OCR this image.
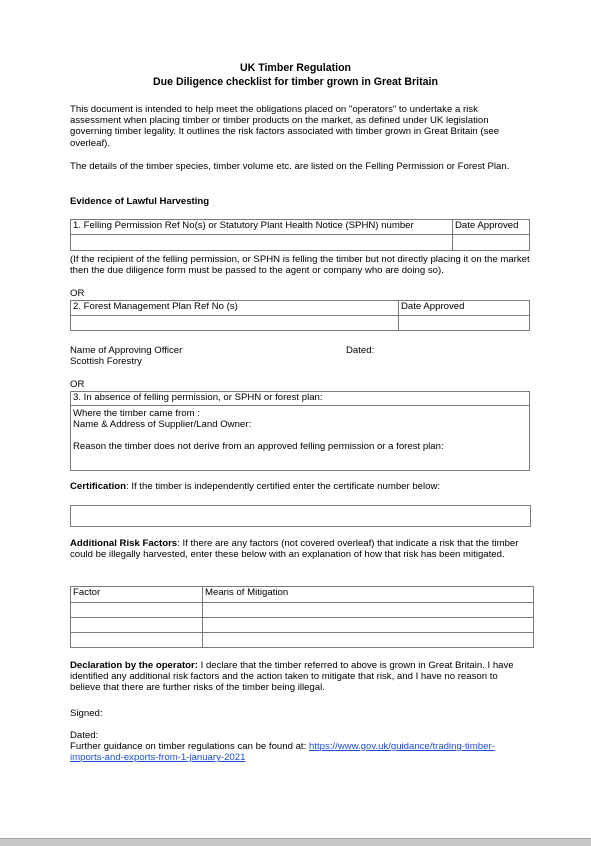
UK Timber Regulation
Due Diligence checklist for timber grown in Great Britain
This document is intended to help meet the obligations placed on "operators" to undertake a risk assessment when placing timber or timber products on the market, as defined under UK legislation governing timber legality. It outlines the risk factors associated with timber grown in Great Britain (see overleaf).
The details of the timber species, timber volume etc. are listed on the Felling Permission or Forest Plan.
Evidence of Lawful Harvesting
1. Felling Permission Ref No(s) or Statutory Plant Health Notice (SPHN) number	Date Approved

(If the recipient of the felling permission, or SPHN is felling the timber but not directly placing it on the market then the due diligence form must be passed to the agent or company who are doing so).
OR
2. Forest Management Plan Ref No (s)	Date Approved

Name of Approving Officer
Scottish Forestry
Dated:
OR
3. In absence of felling permission, or SPHN or forest plan:

Where the timber came from :
Name & Address of Supplier/Land Owner:
Reason the timber does not derive from an approved felling permission or a forest plan:
Certification: If the timber is independently certified enter the certificate number below:
Additional Risk Factors: If there are any factors (not covered overleaf) that indicate a risk that the timber could be illegally harvested, enter these below with an explanation of how that risk has been mitigated.
Factor	Means of Mitigation

Declaration by the operator: I declare that the timber referred to above is grown in Great Britain. I have identified any additional risk factors and the action taken to mitigate that risk, and I have no reason to believe that there are further risks of the timber being illegal.
Signed:
Dated:
Further guidance on timber regulations can be found at: https://www.gov.uk/guidance/trading-timber-
imports-and-exports-from-1-january-2021
